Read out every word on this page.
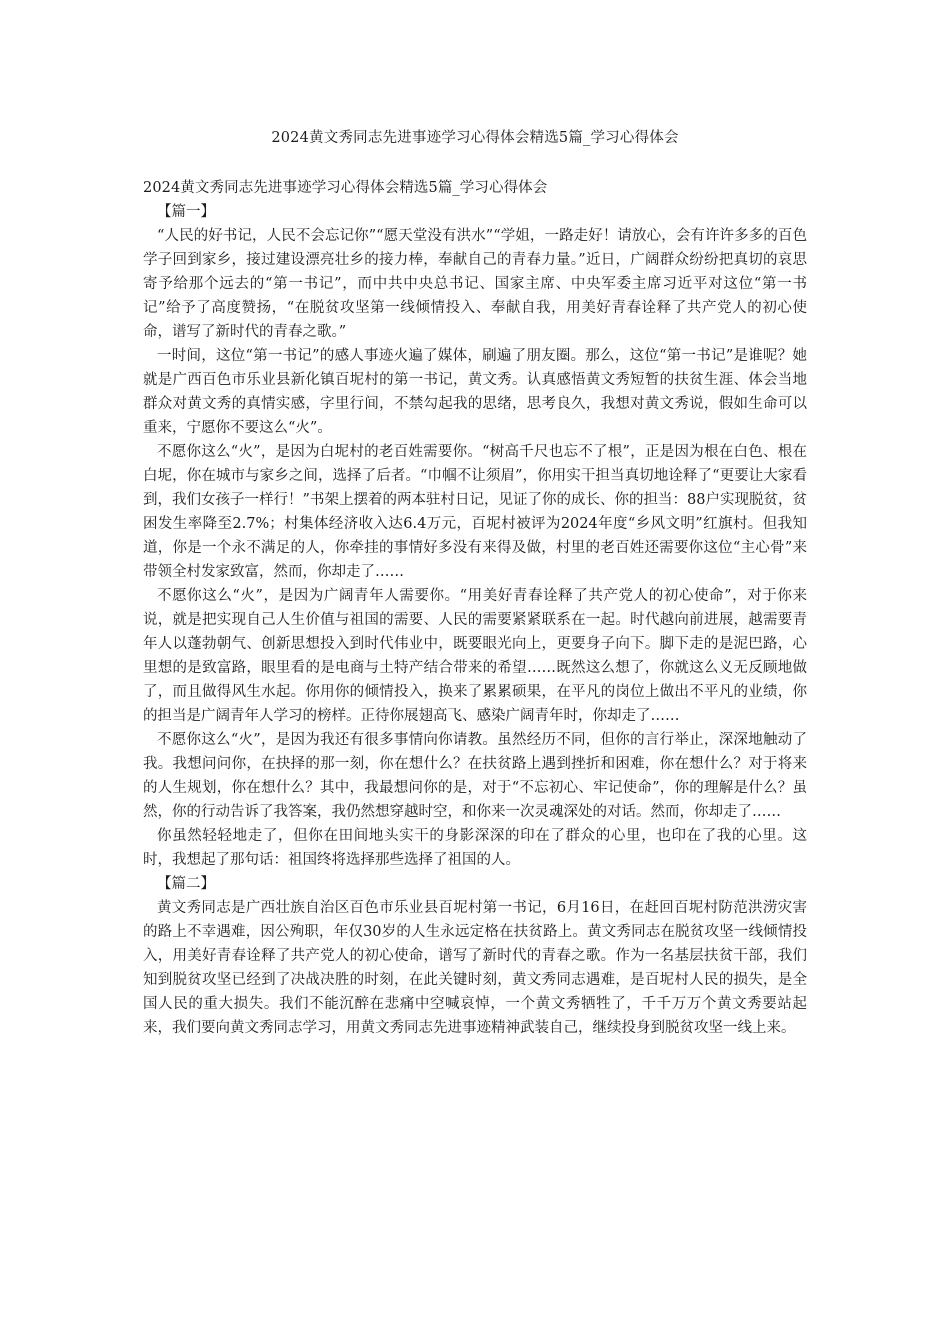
2024黄文秀同志先进事迹学习心得体会精选5篇_学习心得体会

2024黄文秀同志先进事迹学习心得体会精选5篇_学习心得体会

【篇一】

“人民的好书记，人民不会忘记你”“愿天堂没有洪水”“学姐，一路走好！请放心，会有许许多多的百色学子回到家乡，接过建设漂亮壮乡的接力棒，奉献自己的青春力量。”近日，广阔群众纷纷把真切的哀思寄予给那个远去的“第一书记”，而中共中央总书记、国家主席、中央军委主席习近平对这位“第一书记”给予了高度赞扬，“在脱贫攻坚第一线倾情投入、奉献自我，用美好青春诠释了共产党人的初心使命，谱写了新时代的青春之歌。”

一时间，这位“第一书记”的感人事迹火遍了媒体，刷遍了朋友圈。那么，这位“第一书记”是谁呢？她就是广西百色市乐业县新化镇百坭村的第一书记，黄文秀。认真感悟黄文秀短暂的扶贫生涯、体会当地群众对黄文秀的真情实感，字里行间，不禁勾起我的思绪，思考良久，我想对黄文秀说，假如生命可以重来，宁愿你不要这么“火”。

不愿你这么“火”，是因为白坭村的老百姓需要你。“树高千尺也忘不了根”，正是因为根在白色、根在白坭，你在城市与家乡之间，选择了后者。“巾帼不让须眉”，你用实干担当真切地诠释了“更要让大家看到，我们女孩子一样行！”书架上摆着的两本驻村日记，见证了你的成长、你的担当：88户实现脱贫，贫困发生率降至2.7%；村集体经济收入达6.4万元，百坭村被评为2024年度“乡风文明”红旗村。但我知道，你是一个永不满足的人，你牵挂的事情好多没有来得及做，村里的老百姓还需要你这位“主心骨”来带领全村发家致富，然而，你却走了……

不愿你这么“火”，是因为广阔青年人需要你。“用美好青春诠释了共产党人的初心使命”，对于你来说，就是把实现自己人生价值与祖国的需要、人民的需要紧紧联系在一起。时代越向前进展，越需要青年人以蓬勃朝气、创新思想投入到时代伟业中，既要眼光向上，更要身子向下。脚下走的是泥巴路，心里想的是致富路，眼里看的是电商与土特产结合带来的希望……既然这么想了，你就这么义无反顾地做了，而且做得风生水起。你用你的倾情投入，换来了累累硕果，在平凡的岗位上做出不平凡的业绩，你的担当是广阔青年人学习的榜样。正待你展翅高飞、感染广阔青年时，你却走了……

不愿你这么“火”，是因为我还有很多事情向你请教。虽然经历不同，但你的言行举止，深深地触动了我。我想问问你，在抉择的那一刻，你在想什么？在扶贫路上遇到挫折和困难，你在想什么？对于将来的人生规划，你在想什么？其中，我最想问你的是，对于“不忘初心、牢记使命”，你的理解是什么？虽然，你的行动告诉了我答案，我仍然想穿越时空，和你来一次灵魂深处的对话。然而，你却走了……

你虽然轻轻地走了，但你在田间地头实干的身影深深的印在了群众的心里，也印在了我的心里。这时，我想起了那句话：祖国终将选择那些选择了祖国的人。

【篇二】

黄文秀同志是广西壮族自治区百色市乐业县百坭村第一书记，6月16日，在赶回百坭村防范洪涝灾害的路上不幸遇难，因公殉职，年仅30岁的人生永远定格在扶贫路上。黄文秀同志在脱贫攻坚一线倾情投入，用美好青春诠释了共产党人的初心使命，谱写了新时代的青春之歌。作为一名基层扶贫干部，我们知到脱贫攻坚已经到了决战决胜的时刻，在此关键时刻，黄文秀同志遇难，是百坭村人民的损失，是全国人民的重大损失。我们不能沉醉在悲痛中空喊哀悼，一个黄文秀牺牲了，千千万万个黄文秀要站起来，我们要向黄文秀同志学习，用黄文秀同志先进事迹精神武装自己，继续投身到脱贫攻坚一线上来。
